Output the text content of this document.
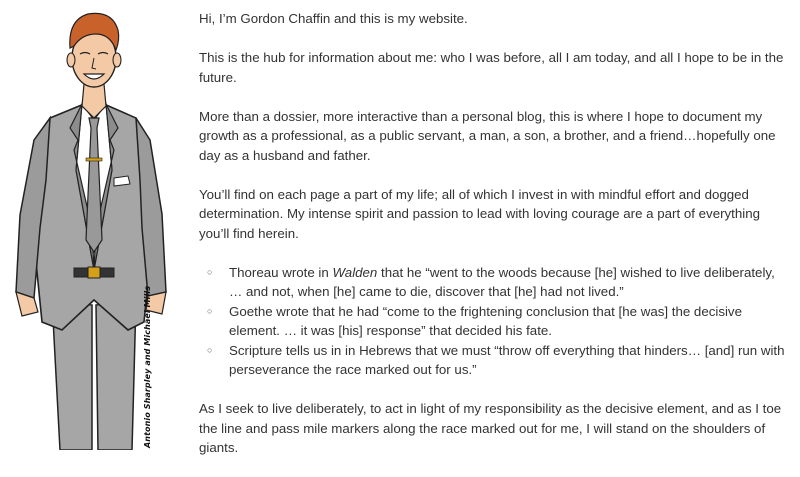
Antonio Sharpley and Michael Mills

Hi, I’m Gordon Chaffin and this is my website.

This is the hub for information about me: who I was before, all I am today, and all I hope to be in the future.

More than a dossier, more interactive than a personal blog, this is where I hope to document my growth as a professional, as a public servant, a man, a son, a brother, and a friend…hopefully one day as a husband and father.

You’ll find on each page a part of my life; all of which I invest in with mindful effort and dogged determination. My intense spirit and passion to lead with loving courage are a part of everything you’ll find herein.

○ Thoreau wrote in Walden that he “went to the woods because [he] wished to live deliberately, … and not, when [he] came to die, discover that [he] had not lived.”
○ Goethe wrote that he had “come to the frightening conclusion that [he was] the decisive element. … it was [his] response” that decided his fate.
○ Scripture tells us in in Hebrews that we must “throw off everything that hinders… [and] run with perseverance the race marked out for us.”

As I seek to live deliberately, to act in light of my responsibility as the decisive element, and as I toe the line and pass mile markers along the race marked out for me, I will stand on the shoulders of giants.
